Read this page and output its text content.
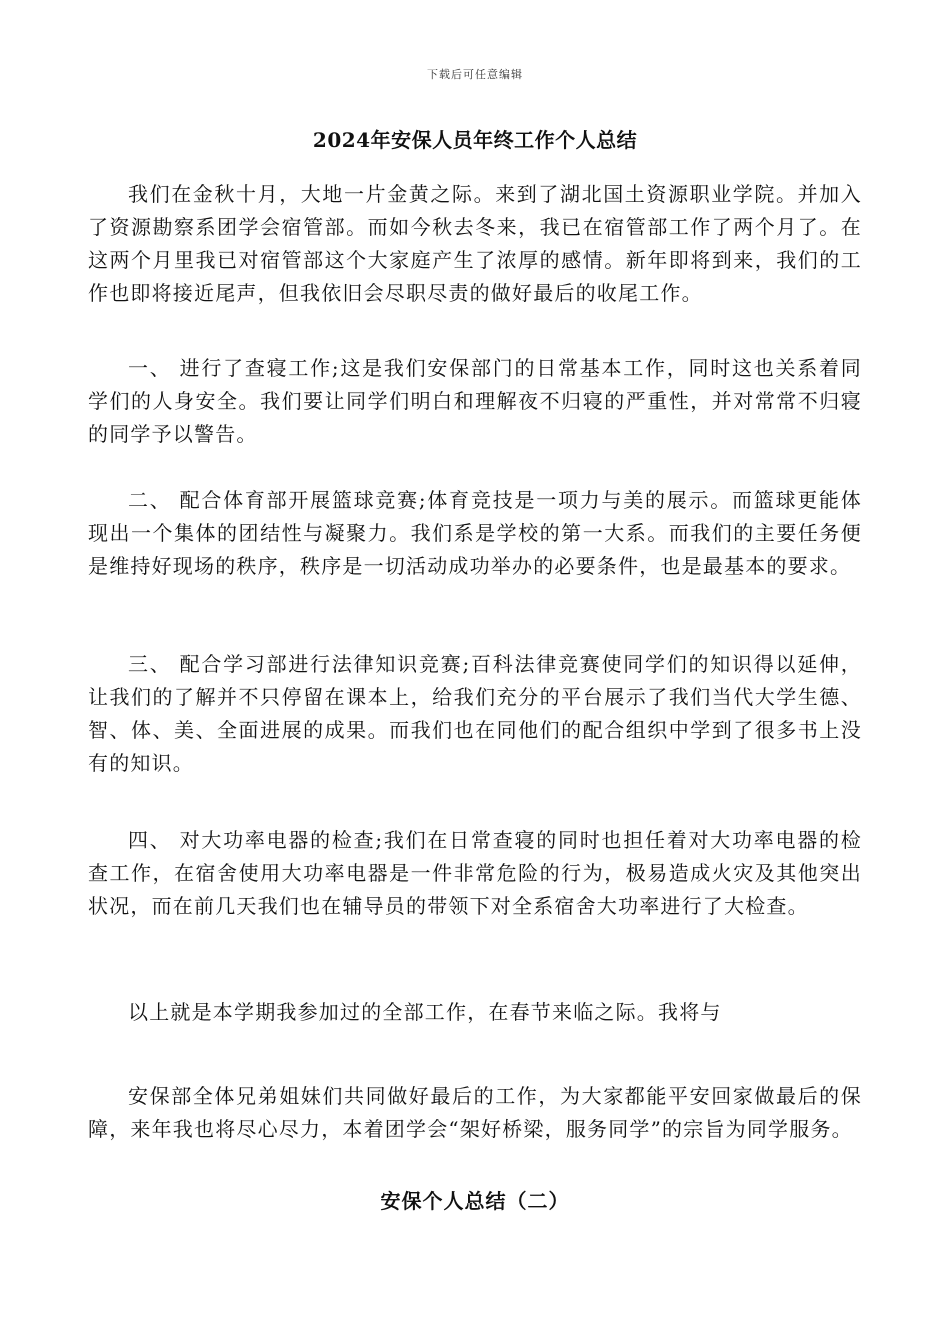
下载后可任意编辑
2024年安保人员年终工作个人总结

我们在金秋十月，大地一片金黄之际。来到了湖北国土资源职业学院。并加入了资源勘察系团学会宿管部。而如今秋去冬来，我已在宿管部工作了两个月了。在这两个月里我已对宿管部这个大家庭产生了浓厚的感情。新年即将到来，我们的工作也即将接近尾声，但我依旧会尽职尽责的做好最后的收尾工作。

一、 进行了查寝工作;这是我们安保部门的日常基本工作，同时这也关系着同学们的人身安全。我们要让同学们明白和理解夜不归寝的严重性，并对常常不归寝的同学予以警告。

二、 配合体育部开展篮球竞赛;体育竞技是一项力与美的展示。而篮球更能体现出一个集体的团结性与凝聚力。我们系是学校的第一大系。而我们的主要任务便是维持好现场的秩序，秩序是一切活动成功举办的必要条件，也是最基本的要求。

三、 配合学习部进行法律知识竞赛;百科法律竞赛使同学们的知识得以延伸，让我们的了解并不只停留在课本上，给我们充分的平台展示了我们当代大学生德、智、体、美、全面进展的成果。而我们也在同他们的配合组织中学到了很多书上没有的知识。

四、 对大功率电器的检查;我们在日常查寝的同时也担任着对大功率电器的检查工作，在宿舍使用大功率电器是一件非常危险的行为，极易造成火灾及其他突出状况，而在前几天我们也在辅导员的带领下对全系宿舍大功率进行了大检查。

以上就是本学期我参加过的全部工作，在春节来临之际。我将与

安保部全体兄弟姐妹们共同做好最后的工作，为大家都能平安回家做最后的保障，来年我也将尽心尽力，本着团学会“架好桥梁，服务同学”的宗旨为同学服务。

安保个人总结（二）
